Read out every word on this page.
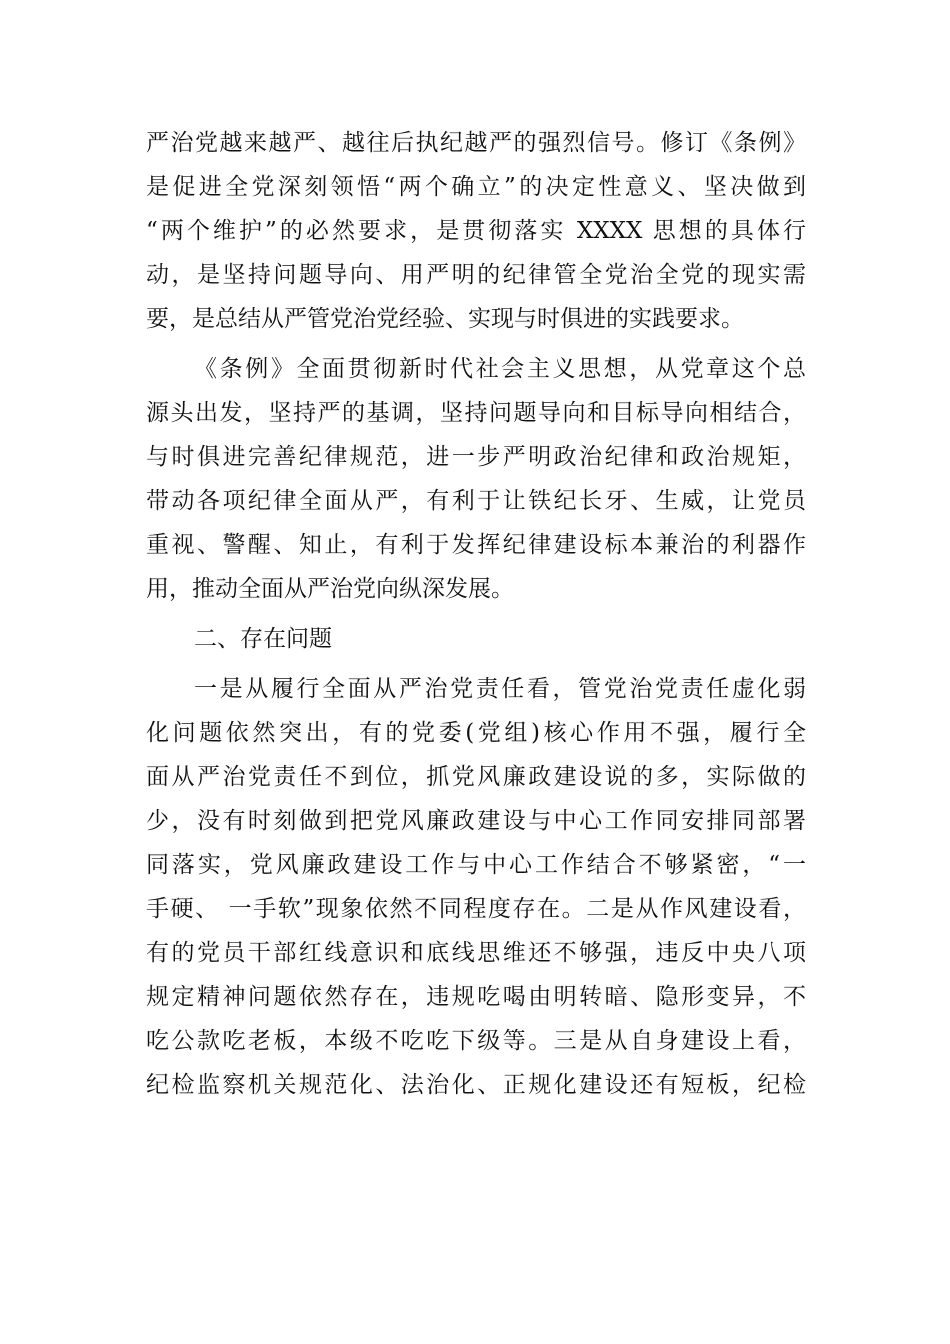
严治党越来越严、越往后执纪越严的强烈信号。修订《条例》
是促进全党深刻领悟“两个确立”的决定性意义、坚决做到
“两个维护”的必然要求，是贯彻落实 XXXX 思想的具体行
动，是坚持问题导向、用严明的纪律管全党治全党的现实需
要，是总结从严管党治党经验、实现与时俱进的实践要求。
《条例》全面贯彻新时代社会主义思想，从党章这个总
源头出发，坚持严的基调，坚持问题导向和目标导向相结合，
与时俱进完善纪律规范，进一步严明政治纪律和政治规矩，
带动各项纪律全面从严，有利于让铁纪长牙、生威，让党员
重视、警醒、知止，有利于发挥纪律建设标本兼治的利器作
用，推动全面从严治党向纵深发展。
二、存在问题
一是从履行全面从严治党责任看，管党治党责任虚化弱
化问题依然突出，有的党委(党组)核心作用不强，履行全
面从严治党责任不到位，抓党风廉政建设说的多，实际做的
少，没有时刻做到把党风廉政建设与中心工作同安排同部署
同落实，党风廉政建设工作与中心工作结合不够紧密，“一
手硬、 一手软”现象依然不同程度存在。二是从作风建设看，
有的党员干部红线意识和底线思维还不够强，违反中央八项
规定精神问题依然存在，违规吃喝由明转暗、隐形变异，不
吃公款吃老板，本级不吃吃下级等。三是从自身建设上看，
纪检监察机关规范化、法治化、正规化建设还有短板，纪检
